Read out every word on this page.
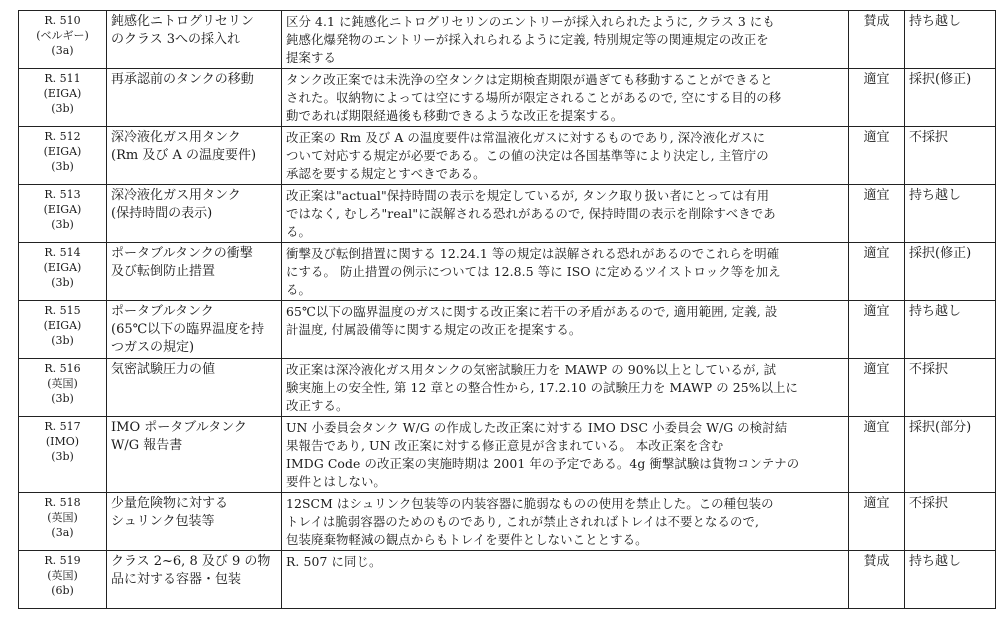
R. 510
(ベルギー)
(3a)	鈍感化ニトログリセリン
のクラス 3への採入れ	区分 4.1 に鈍感化ニトログリセリンのエントリーが採入れられたように, クラス 3 にも
鈍感化爆発物のエントリーが採入れられるように定義, 特別規定等の関連規定の改正を
提案する	賛成	持ち越し

R. 511
(EIGA)
(3b)	再承認前のタンクの移動	タンク改正案では未洗浄の空タンクは定期検査期限が過ぎても移動することができると
された。収納物によっては空にする場所が限定されることがあるので, 空にする目的の移
動であれば期限経過後も移動できるような改正を提案する。	適宜	採択(修正)

R. 512
(EIGA)
(3b)	深冷液化ガス用タンク
(Rm 及び A の温度要件)	改正案の Rm 及び A の温度要件は常温液化ガスに対するものであり, 深冷液化ガスに
ついて対応する規定が必要である。この値の決定は各国基準等により決定し, 主管庁の
承認を要する規定とすべきである。	適宜	不採択

R. 513
(EIGA)
(3b)	深冷液化ガス用タンク
(保持時間の表示)	改正案は"actual"保持時間の表示を規定しているが, タンク取り扱い者にとっては有用
ではなく, むしろ"real"に誤解される恐れがあるので, 保持時間の表示を削除すべきであ
る。	適宜	持ち越し

R. 514
(EIGA)
(3b)	ポータブルタンクの衝撃
及び転倒防止措置	衝撃及び転倒措置に関する 12.24.1 等の規定は誤解される恐れがあるのでこれらを明確
にする。 防止措置の例示については 12.8.5 等に ISO に定めるツイストロック等を加え
る。	適宜	採択(修正)

R. 515
(EIGA)
(3b)	ポータブルタンク
(65℃以下の臨界温度を持
つガスの規定)	65℃以下の臨界温度のガスに関する改正案に若干の矛盾があるので, 適用範囲, 定義, 設
計温度, 付属設備等に関する規定の改正を提案する。	適宜	持ち越し

R. 516
(英国)
(3b)	気密試験圧力の値	改正案は深冷液化ガス用タンクの気密試験圧力を MAWP の 90%以上としているが, 試
験実施上の安全性, 第 12 章との整合性から, 17.2.10 の試験圧力を MAWP の 25%以上に
改正する。	適宜	不採択

R. 517
(IMO)
(3b)	IMO ポータブルタンク
W/G 報告書	UN 小委員会タンク W/G の作成した改正案に対する IMO DSC 小委員会 W/G の検討結
果報告であり, UN 改正案に対する修正意見が含まれている。 本改正案を含む
IMDG Code の改正案の実施時期は 2001 年の予定である。4g 衝撃試験は貨物コンテナの
要件とはしない。	適宜	採択(部分)

R. 518
(英国)
(3a)	少量危険物に対する
シュリンク包装等	12SCM はシュリンク包装等の内装容器に脆弱なものの使用を禁止した。この種包装の
トレイは脆弱容器のためのものであり, これが禁止されればトレイは不要となるので,
包装廃棄物軽減の観点からもトレイを要件としないこととする。	適宜	不採択

R. 519
(英国)
(6b)	クラス 2~6, 8 及び 9 の物
品に対する容器・包装	R. 507 に同じ。	賛成	持ち越し
